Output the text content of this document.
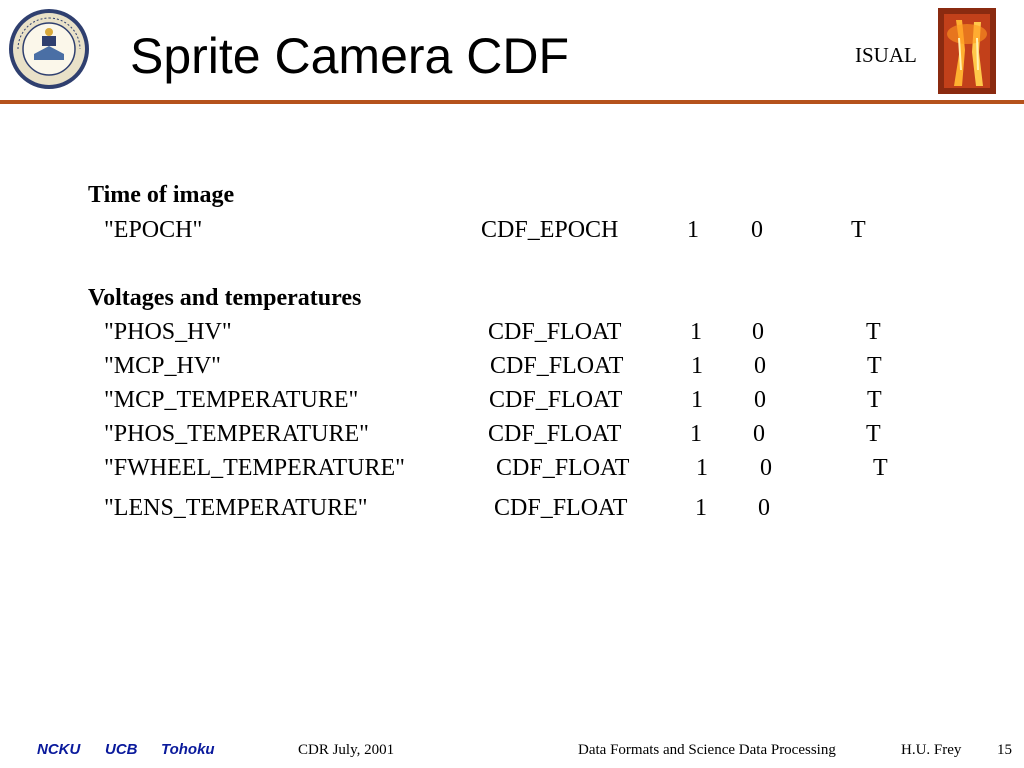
Sprite Camera CDF	ISUAL
Time of image
"EPOCH"	CDF_EPOCH	1 0	T
Voltages and temperatures
"PHOS_HV"	CDF_FLOAT	1 0	T
"MCP_HV"	CDF_FLOAT	1 0	T
"MCP_TEMPERATURE"	CDF_FLOAT	1 0	T
"PHOS_TEMPERATURE"	CDF_FLOAT	1 0	T
"FWHEEL_TEMPERATURE"	CDF_FLOAT	1 0	T
"LENS_TEMPERATURE"	CDF_FLOAT	1 0
NCKU UCB Tohoku	CDR July, 2001	Data Formats and Science Data Processing	H.U. Frey 15
